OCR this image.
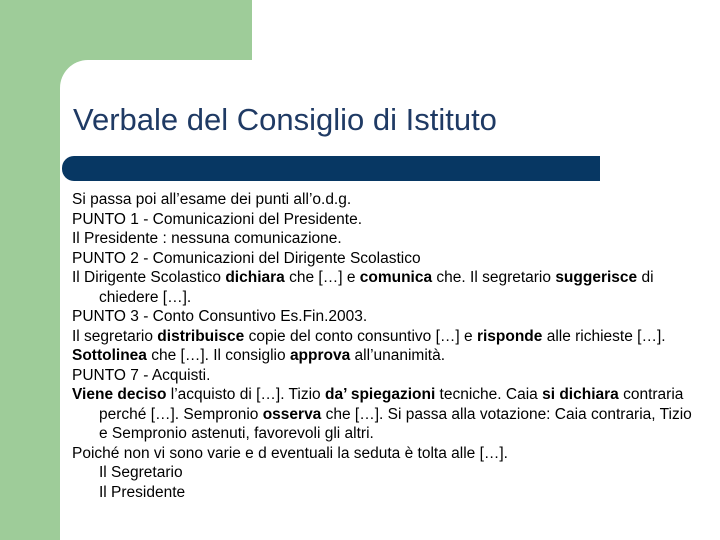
Verbale del Consiglio di Istituto

Si passa poi all’esame dei punti all’o.d.g.

PUNTO 1 - Comunicazioni del Presidente.

Il Presidente : nessuna comunicazione.

PUNTO 2 - Comunicazioni del Dirigente Scolastico

Il Dirigente Scolastico dichiara che […] e comunica che. Il segretario suggerisce di chiedere […].

PUNTO 3 - Conto Consuntivo Es.Fin.2003.

Il segretario distribuisce copie del conto consuntivo […] e risponde alle richieste […].

Sottolinea che […]. Il consiglio approva all’unanimità.

PUNTO 7 - Acquisti.

Viene deciso l’acquisto di […]. Tizio da’ spiegazioni tecniche. Caia si dichiara contraria perché […]. Sempronio osserva che […]. Si passa alla votazione: Caia contraria, Tizio e Sempronio astenuti, favorevoli gli altri.

Poiché non vi sono varie e d eventuali la seduta è tolta alle […].

Il Segretario

Il Presidente
